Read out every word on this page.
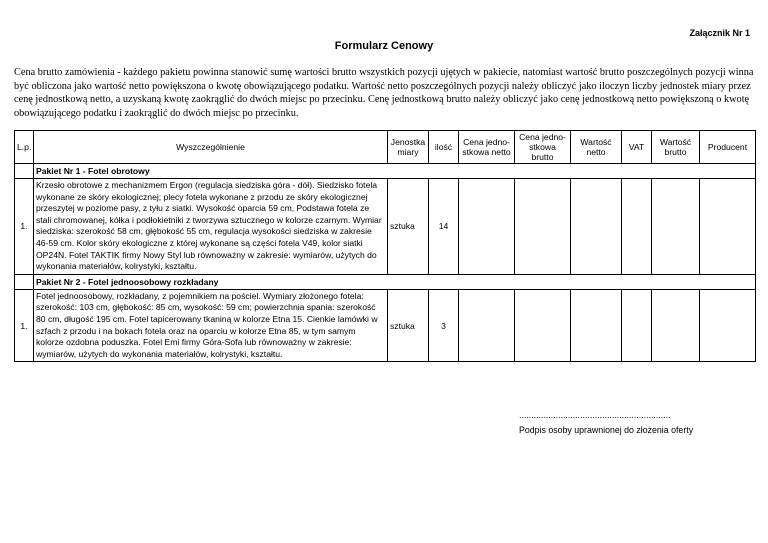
Załącznik Nr 1
Formularz Cenowy
Cena brutto zamówienia - każdego pakietu powinna stanowić sumę wartości brutto wszystkich pozycji ujętych w pakiecie, natomiast wartość brutto poszczególnych pozycji winna być obliczona jako wartość netto powiększona o kwotę obowiązującego podatku. Wartość netto poszczególnych pozycji należy obliczyć jako iloczyn liczby jednostek miary przez cenę jednostkową netto, a uzyskaną kwotę zaokrąglić do dwóch miejsc po przecinku. Cenę jednostkową brutto należy obliczyć jako cenę jednostkową netto powiększoną o kwotę obowiązującego podatku i zaokrąglić do dwóch miejsc po przecinku.
L.p.	Wyszczególnienie	Jenostka miary	ilość	Cena jedno-stkowa netto	Cena jedno-stkowa brutto	Wartość netto	VAT	Wartość brutto	Producent
	Pakiet Nr 1 - Fotel obrotowy								
1.	Krzesło obrotowe z mechanizmem Ergon (regulacja siedziska góra - dół). Siedzisko fotela wykonane ze skóry ekologicznej; plecy fotela wykonane z przodu ze skóry ekologicznej przeszytej w poziome pasy, z tyłu z siatki. Wysokość oparcia 59 cm, Podstawa fotela ze stali chromowanej, kółka i podłokietniki z tworzywa sztucznego w kolorze czarnym. Wymiar siedziska: szerokość 58 cm, głębokość 55 cm, regulacja wysokości siedziska w zakresie 46-59 cm. Kolor skóry ekologiczne z której wykonane są części fotela V49, kolor siatki OP24N. Fotel TAKTIK firmy Nowy Styl lub równoważny w zakresie: wymiarów, użytych do wykonania materiałów, kolrystyki, kształtu.	sztuka	14						
	Pakiet Nr 2 - Fotel jednoosobowy rozkładany								
1.	Fotel jednoosobowy, rozkładany, z pojemnikiem na pościel. Wymiary złożonego fotela: szerokość: 103 cm, głębokość: 85 cm, wysokość: 59 cm; powierzchnia spania: szerokość 80 cm, długość 195 cm. Fotel tapicerowany tkaniną w kolorze Etna 15. Cienkie lamówki w szfach z przodu i na bokach fotela oraz na oparciu w kolorze Etna 85, w tym samym kolorze ozdobna poduszka. Fotel Emi firmy Góra-Sofa lub równoważny w zakresie: wymiarów, użytych do wykonania materiałów, kolrystyki, kształtu.	sztuka	3						
..............................................................
Podpis osoby uprawnionej do złożenia oferty
